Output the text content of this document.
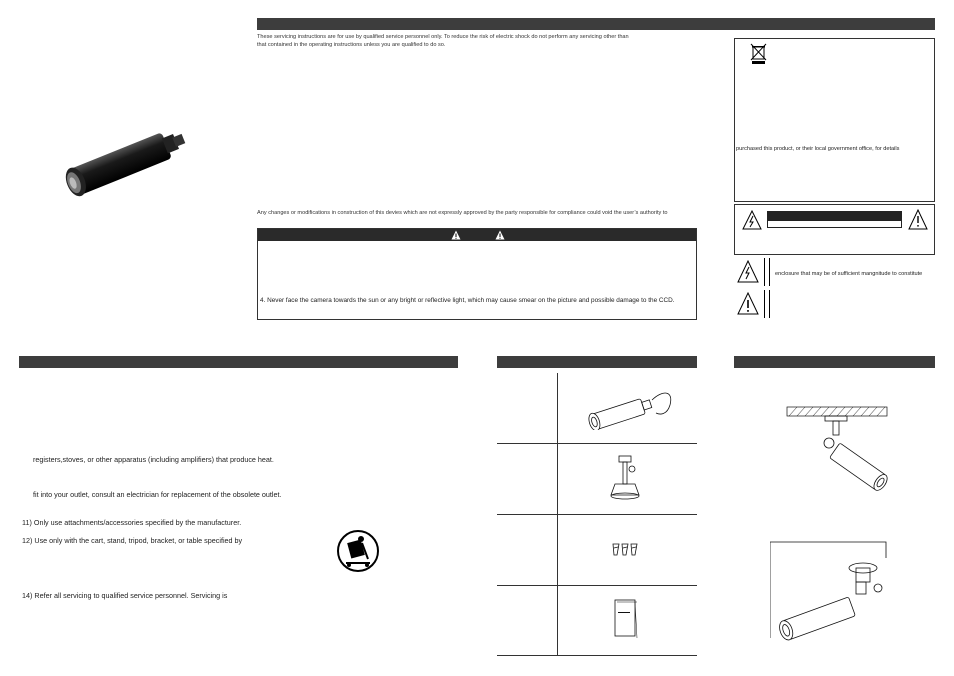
These servicing instructions are for use by qualified service personnel only. To reduce the risk of electric shock do not perform any servicing other than
that contained in the operating instructions unless you are qualified to do so.
Any changes or modifications in construction of this devies which are not expressly approved by the party responsible for compliance could void the user’s authority to
4. Never face the camera towards the sun or any bright or reflective light, which may cause smear on the picture and possible damage to the CCD.
purchased this product, or their local government office, for details
enclosure that may be of sufficient mangnitude to constitute
registers,stoves, or other apparatus (including amplifiers) that produce heat.
fit into your outlet, consult an electrician for replacement of the obsolete outlet.
11) Only use attachments/accessories specified by the manufacturer.
12) Use only with the cart, stand, tripod, bracket, or table specified by
14) Refer all servicing to qualified service personnel. Servicing is
